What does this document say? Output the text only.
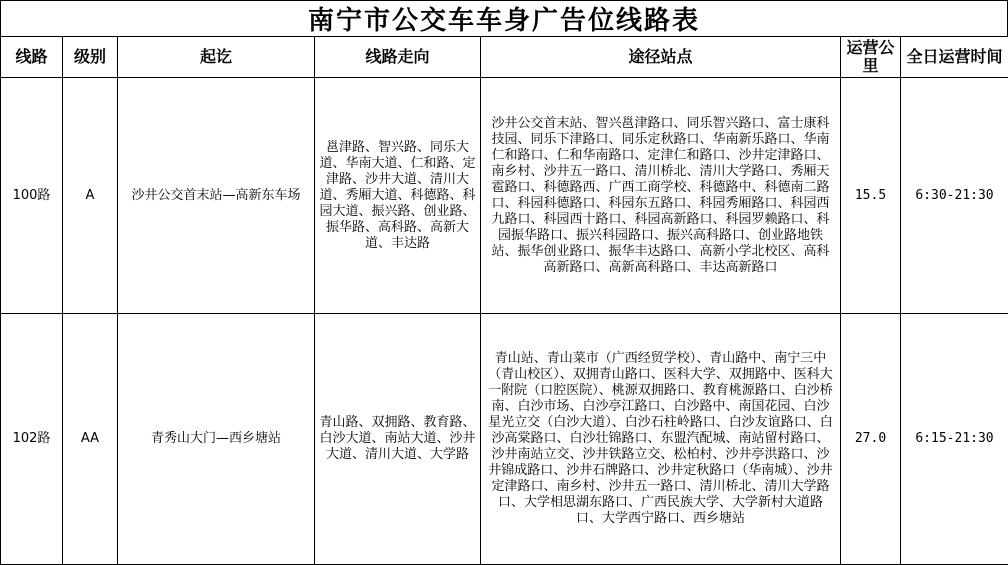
南宁市公交车车身广告位线路表
线路	级别	起讫	线路走向	途径站点	运营公里	全日运营时间
100路	A	沙井公交首末站—高新东车场	邕津路、智兴路、同乐大道、华南大道、仁和路、定津路、沙井大道、清川大道、秀厢大道、科德路、科园大道、振兴路、创业路、振华路、高科路、高新大道、丰达路	沙井公交首末站、智兴邕津路口、同乐智兴路口、富士康科技园、同乐下津路口、同乐定秋路口、华南新乐路口、华南仁和路口、仁和华南路口、定津仁和路口、沙井定津路口、南乡村、沙井五一路口、清川桥北、清川大学路口、秀厢天雹路口、科德路西、广西工商学校、科德路中、科德南二路口、科园科德路口、科园东五路口、科园秀厢路口、科园西九路口、科园西十路口、科园高新路口、科园罗赖路口、科园振华路口、振兴科园路口、振兴高科路口、创业路地铁站、振华创业路口、振华丰达路口、高新小学北校区、高科高新路口、高新高科路口、丰达高新路口	15.5	6:30-21:30
102路	AA	青秀山大门—西乡塘站	青山路、双拥路、教育路、白沙大道、南站大道、沙井大道、清川大道、大学路	青山站、青山菜市（广西经贸学校）、青山路中、南宁三中（青山校区）、双拥青山路口、医科大学、双拥路中、医科大一附院（口腔医院）、桃源双拥路口、教育桃源路口、白沙桥南、白沙市场、白沙亭江路口、白沙路中、南国花园、白沙星光立交（白沙大道）、白沙石柱岭路口、白沙友谊路口、白沙高棠路口、白沙壮锦路口、东盟汽配城、南站留村路口、沙井南站立交、沙井铁路立交、松柏村、沙井亭洪路口、沙井锦成路口、沙井石牌路口、沙井定秋路口（华南城）、沙井定津路口、南乡村、沙井五一路口、清川桥北、清川大学路口、大学相思湖东路口、广西民族大学、大学新村大道路口、大学西宁路口、西乡塘站	27.0	6:15-21:30
